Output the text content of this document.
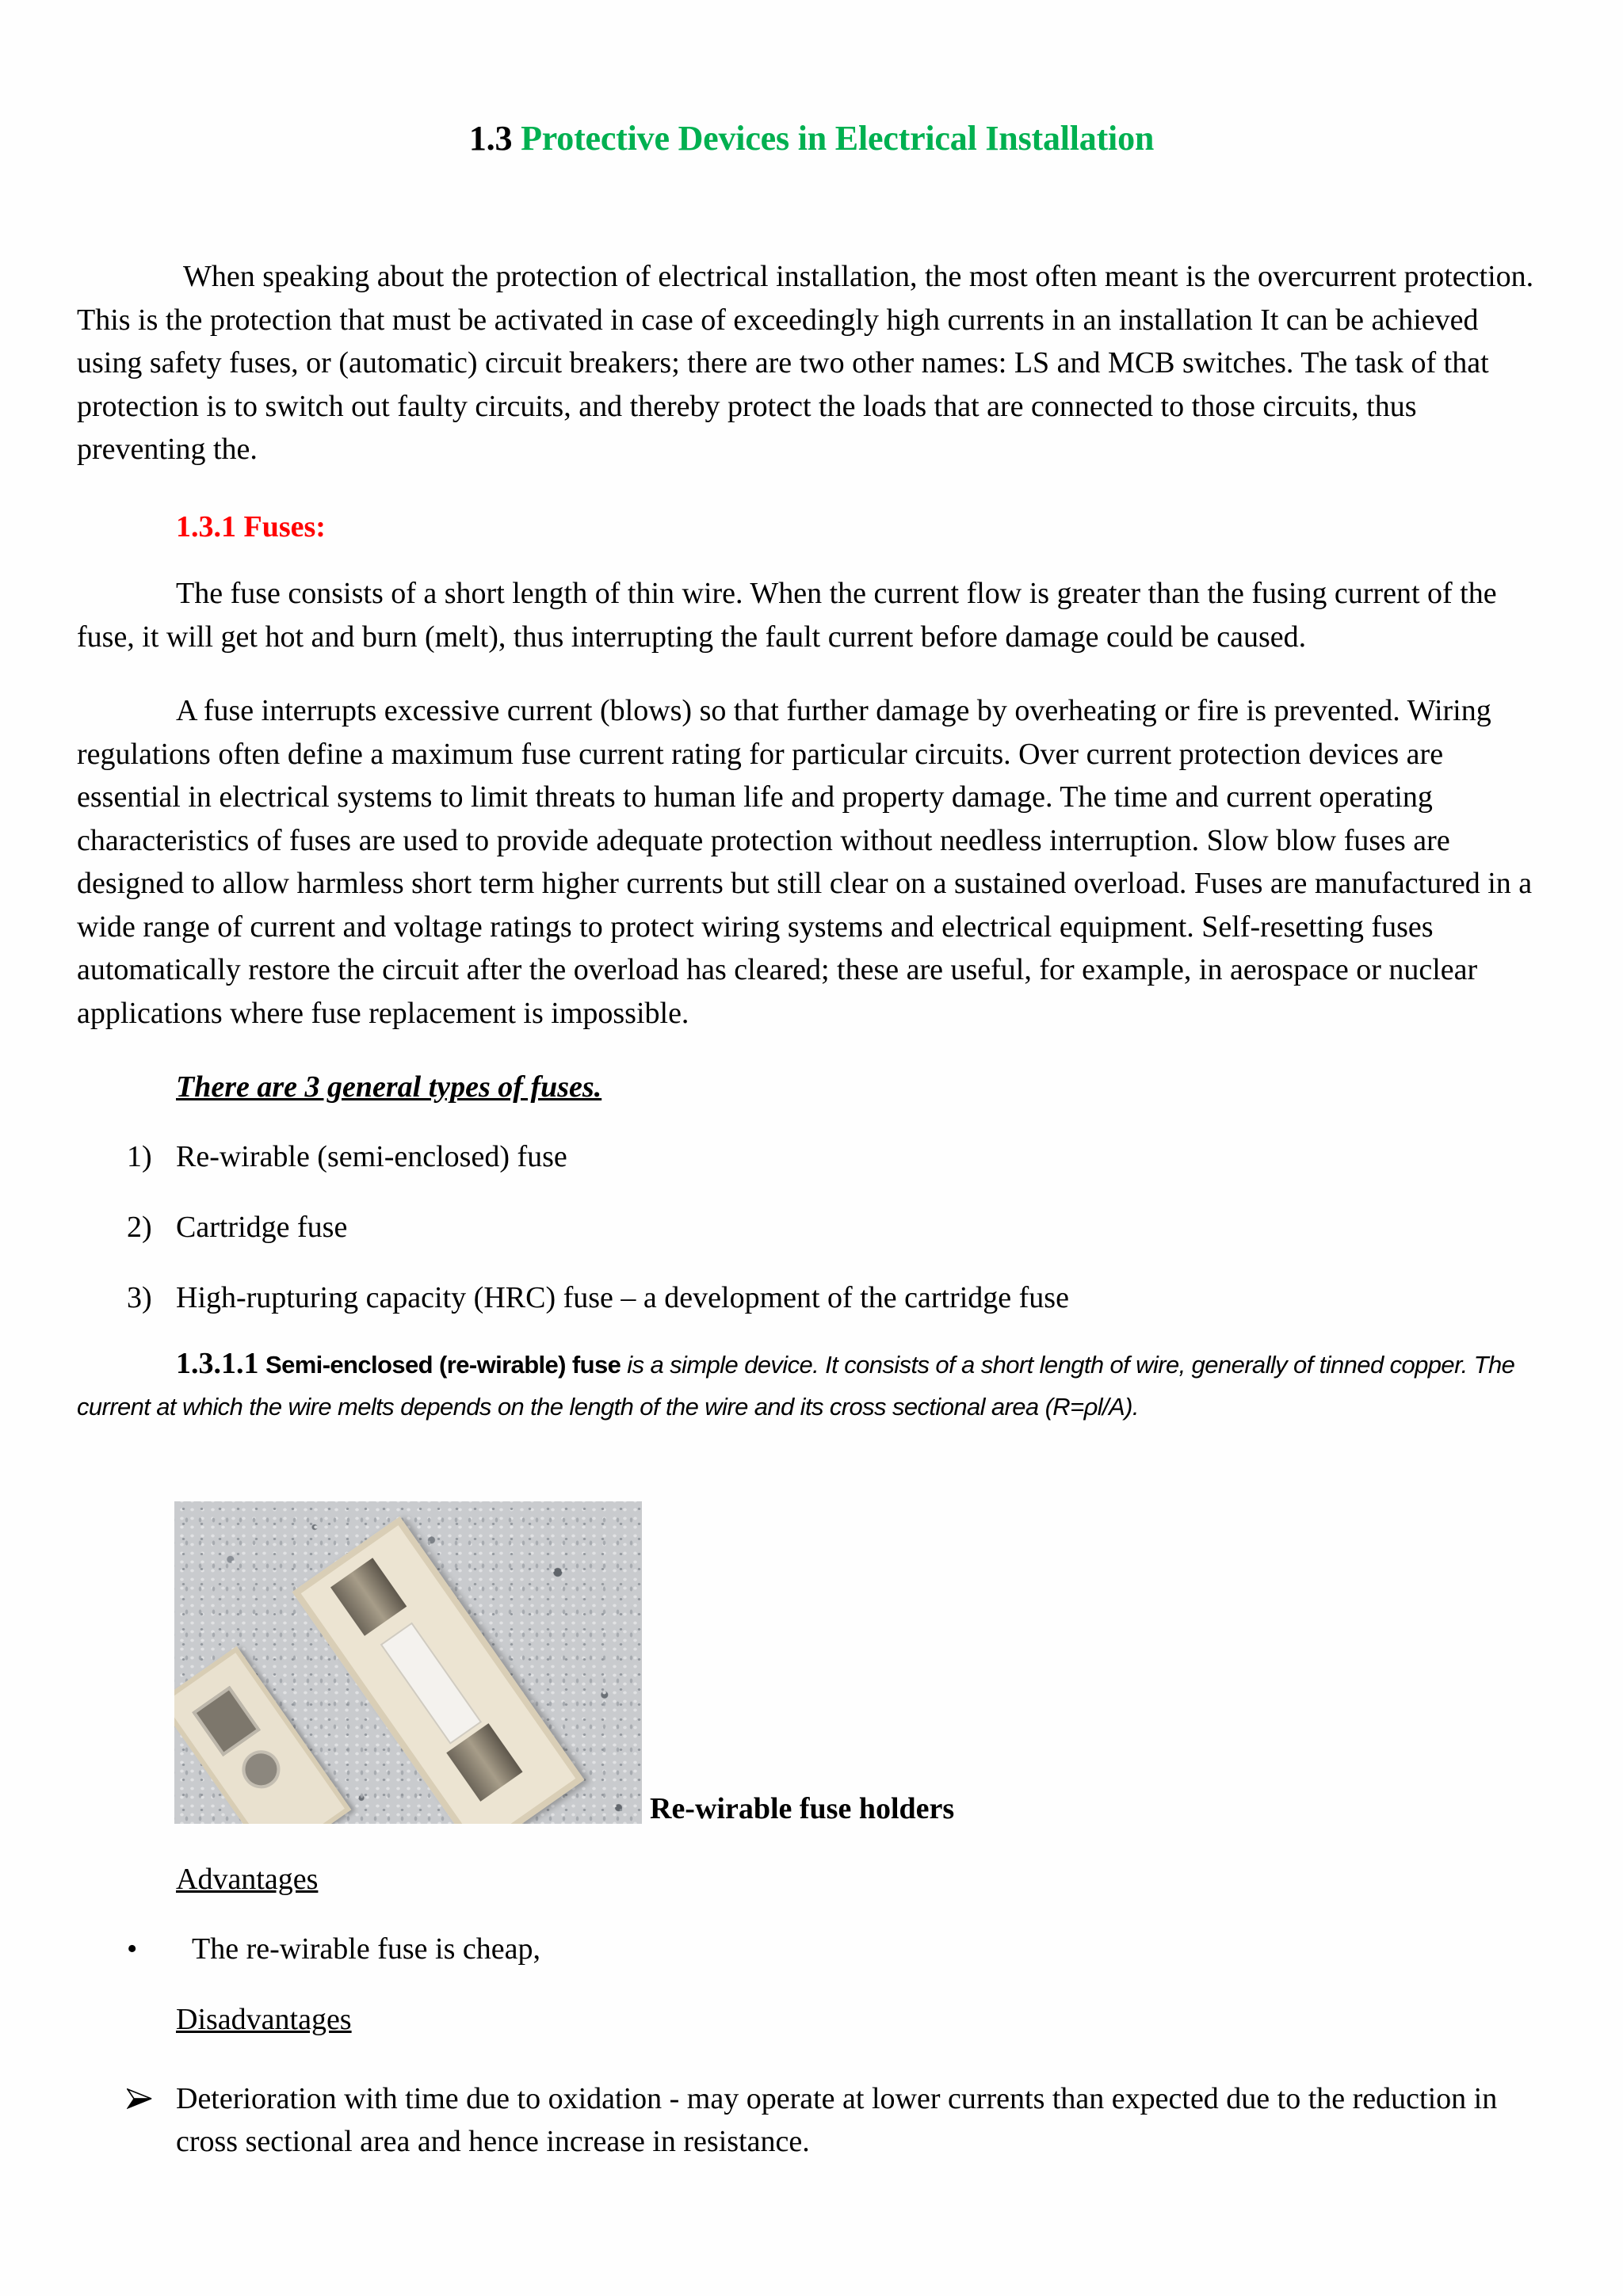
1.3 Protective Devices in Electrical Installation

When speaking about the protection of electrical installation, the most often meant is the overcurrent protection. This is the protection that must be activated in case of exceedingly high currents in an installation It can be achieved using safety fuses, or (automatic) circuit breakers; there are two other names: LS and MCB switches. The task of that protection is to switch out faulty circuits, and thereby protect the loads that are connected to those circuits, thus preventing the.

1.3.1 Fuses:

The fuse consists of a short length of thin wire. When the current flow is greater than the fusing current of the fuse, it will get hot and burn (melt), thus interrupting the fault current before damage could be caused.

A fuse interrupts excessive current (blows) so that further damage by overheating or fire is prevented. Wiring regulations often define a maximum fuse current rating for particular circuits. Over current protection devices are essential in electrical systems to limit threats to human life and property damage. The time and current operating characteristics of fuses are used to provide adequate protection without needless interruption. Slow blow fuses are designed to allow harmless short term higher currents but still clear on a sustained overload. Fuses are manufactured in a wide range of current and voltage ratings to protect wiring systems and electrical equipment. Self-resetting fuses automatically restore the circuit after the overload has cleared; these are useful, for example, in aerospace or nuclear applications where fuse replacement is impossible.

There are 3 general types of fuses.
1) Re-wirable (semi-enclosed) fuse
2) Cartridge fuse
3) High-rupturing capacity (HRC) fuse – a development of the cartridge fuse

1.3.1.1 Semi-enclosed (re-wirable) fuse is a simple device. It consists of a short length of wire, generally of tinned copper. The current at which the wire melts depends on the length of the wire and its cross sectional area (R=ρl/A).

Re-wirable fuse holders
Advantages
• The re-wirable fuse is cheap,
Disadvantages
Deterioration with time due to oxidation - may operate at lower currents than expected due to the reduction in cross sectional area and hence increase in resistance.
